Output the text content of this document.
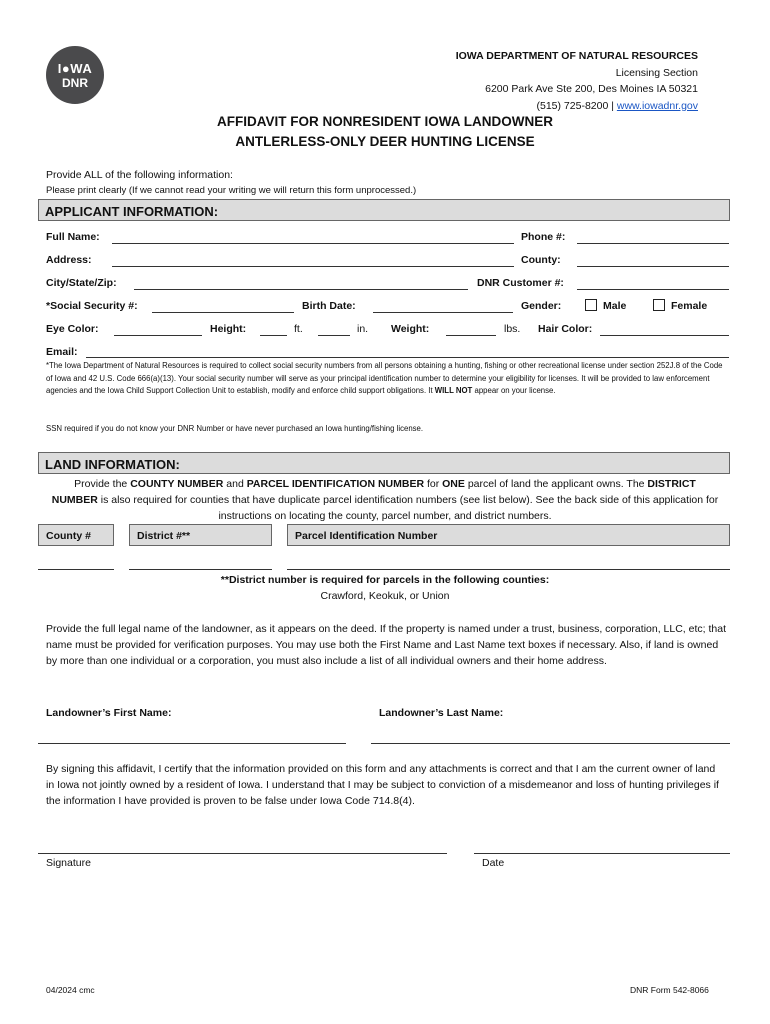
I●WA
DNR
IOWA DEPARTMENT OF NATURAL RESOURCES
Licensing Section
6200 Park Ave Ste 200, Des Moines IA 50321
(515) 725-8200 | www.iowadnr.gov
AFFIDAVIT FOR NONRESIDENT IOWA LANDOWNER
ANTLERLESS-ONLY DEER HUNTING LICENSE
Provide ALL of the following information:
Please print clearly (If we cannot read your writing we will return this form unprocessed.)
APPLICANT INFORMATION:
Full Name:	Phone #:
Address:	County:
City/State/Zip:	DNR Customer #:
*Social Security #:	Birth Date:	Gender:	Male	Female
Eye Color:	Height:	ft.	in. Weight:	lbs. Hair Color:
Email:
*The Iowa Department of Natural Resources is required to collect social security numbers from all persons obtaining a hunting, fishing or other recreational license under section 252J.8 of the Code of Iowa and 42 U.S. Code 666(a)(13). Your social security number will serve as your principal identification number to determine your eligibility for licenses. It will be provided to law enforcement agencies and the Iowa Child Support Collection Unit to establish, modify and enforce child support obligations. It WILL NOT appear on your license.
SSN required if you do not know your DNR Number or have never purchased an Iowa hunting/fishing license.
LAND INFORMATION:
Provide the COUNTY NUMBER and PARCEL IDENTIFICATION NUMBER for ONE parcel of land the applicant owns. The DISTRICT NUMBER is also required for counties that have duplicate parcel identification numbers (see list below). See the back side of this application for instructions on locating the county, parcel number, and district numbers.
County #	District #**	Parcel Identification Number
**District number is required for parcels in the following counties:
Crawford, Keokuk, or Union
Provide the full legal name of the landowner, as it appears on the deed. If the property is named under a trust, business, corporation, LLC, etc; that name must be provided for verification purposes. You may use both the First Name and Last Name text boxes if necessary. Also, if land is owned by more than one individual or a corporation, you must also include a list of all individual owners and their home address.
Landowner’s First Name:	Landowner’s Last Name:
By signing this affidavit, I certify that the information provided on this form and any attachments is correct and that I am the current owner of land in Iowa not jointly owned by a resident of Iowa. I understand that I may be subject to conviction of a misdemeanor and loss of hunting privileges if the information I have provided is proven to be false under Iowa Code 714.8(4).
Signature	Date
04/2024 cmc	DNR Form 542-8066
